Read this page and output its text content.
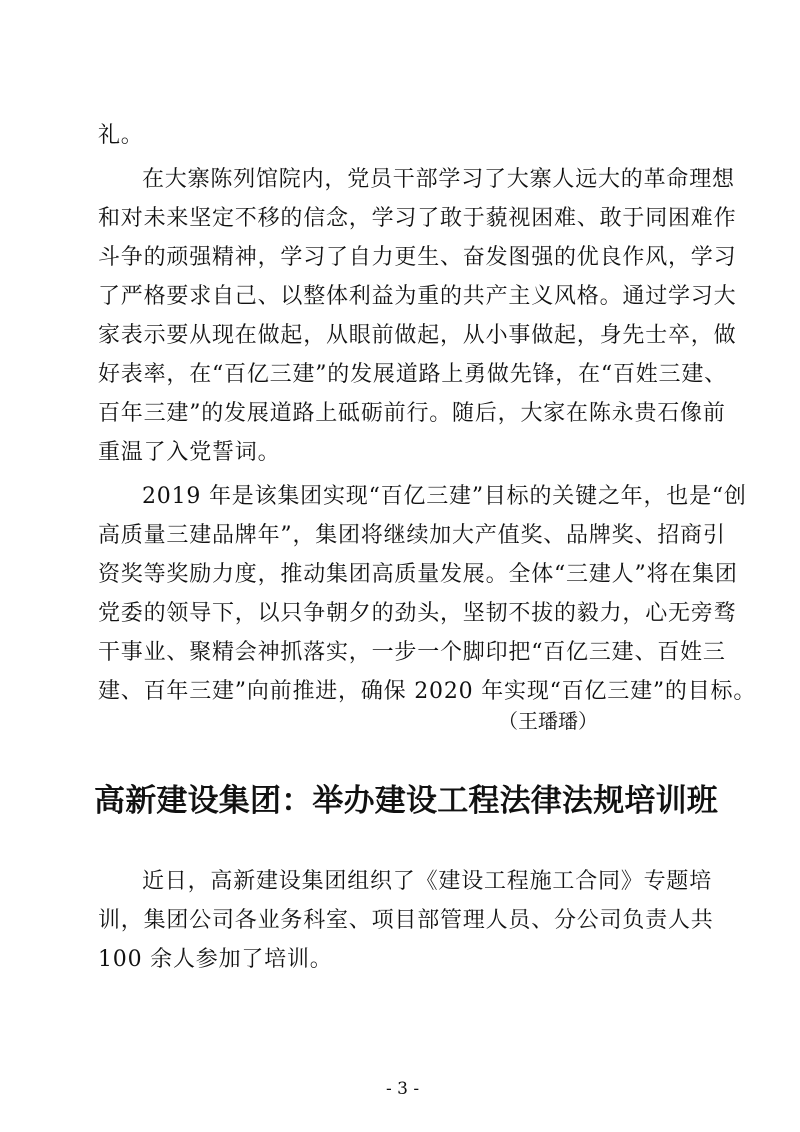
礼。
在大寨陈列馆院内，党员干部学习了大寨人远大的革命理想
和对未来坚定不移的信念，学习了敢于藐视困难、敢于同困难作
斗争的顽强精神，学习了自力更生、奋发图强的优良作风，学习
了严格要求自己、以整体利益为重的共产主义风格。通过学习大
家表示要从现在做起，从眼前做起，从小事做起，身先士卒，做
好表率，在“百亿三建”的发展道路上勇做先锋，在“百姓三建、
百年三建”的发展道路上砥砺前行。随后，大家在陈永贵石像前
重温了入党誓词。
2019 年是该集团实现“百亿三建”目标的关键之年，也是“创
高质量三建品牌年”，集团将继续加大产值奖、品牌奖、招商引
资奖等奖励力度，推动集团高质量发展。全体“三建人”将在集团
党委的领导下，以只争朝夕的劲头，坚韧不拔的毅力，心无旁骛
干事业、聚精会神抓落实，一步一个脚印把“百亿三建、百姓三
建、百年三建”向前推进，确保 2020 年实现“百亿三建”的目标。
（王璠璠）
高新建设集团：举办建设工程法律法规培训班
近日，高新建设集团组织了《建设工程施工合同》专题培
训，集团公司各业务科室、项目部管理人员、分公司负责人共
100 余人参加了培训。
- 3 -
